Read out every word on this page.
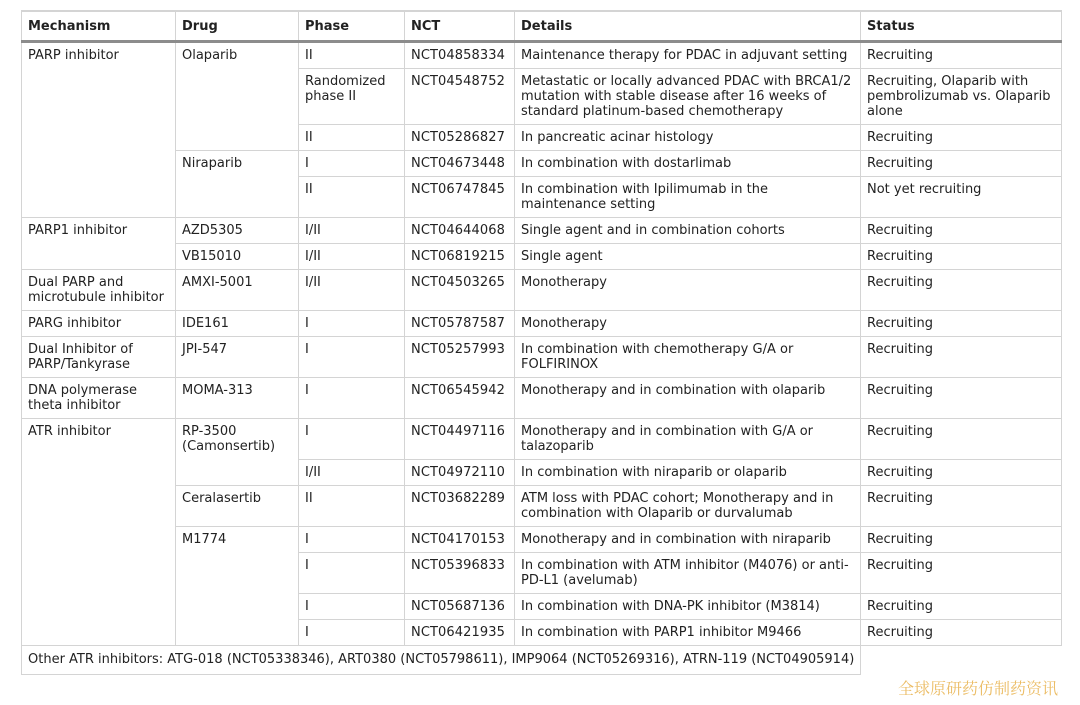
Mechanism	Drug	Phase	NCT	Details	Status
PARP inhibitor	Olaparib	II	NCT04858334	Maintenance therapy for PDAC in adjuvant setting	Recruiting
		Randomized phase II	NCT04548752	Metastatic or locally advanced PDAC with BRCA1/2 mutation with stable disease after 16 weeks of standard platinum-based chemotherapy	Recruiting, Olaparib with pembrolizumab vs. Olaparib alone
		II	NCT05286827	In pancreatic acinar histology	Recruiting
	Niraparib	I	NCT04673448	In combination with dostarlimab	Recruiting
		II	NCT06747845	In combination with Ipilimumab in the maintenance setting	Not yet recruiting
PARP1 inhibitor	AZD5305	I/II	NCT04644068	Single agent and in combination cohorts	Recruiting
	VB15010	I/II	NCT06819215	Single agent	Recruiting
Dual PARP and microtubule inhibitor	AMXI-5001	I/II	NCT04503265	Monotherapy	Recruiting
PARG inhibitor	IDE161	I	NCT05787587	Monotherapy	Recruiting
Dual Inhibitor of PARP/Tankyrase	JPI-547	I	NCT05257993	In combination with chemotherapy G/A or FOLFIRINOX	Recruiting
DNA polymerase theta inhibitor	MOMA-313	I	NCT06545942	Monotherapy and in combination with olaparib	Recruiting
ATR inhibitor	RP-3500 (Camonsertib)	I	NCT04497116	Monotherapy and in combination with G/A or talazoparib	Recruiting
		I/II	NCT04972110	In combination with niraparib or olaparib	Recruiting
	Ceralasertib	II	NCT03682289	ATM loss with PDAC cohort; Monotherapy and in combination with Olaparib or durvalumab	Recruiting
	M1774	I	NCT04170153	Monotherapy and in combination with niraparib	Recruiting
		I	NCT05396833	In combination with ATM inhibitor (M4076) or anti-PD-L1 (avelumab)	Recruiting
		I	NCT05687136	In combination with DNA-PK inhibitor (M3814)	Recruiting
		I	NCT06421935	In combination with PARP1 inhibitor M9466	Recruiting
Other ATR inhibitors: ATG-018 (NCT05338346), ART0380 (NCT05798611), IMP9064 (NCT05269316), ATRN-119 (NCT04905914)					
全球原研药仿制药资讯
